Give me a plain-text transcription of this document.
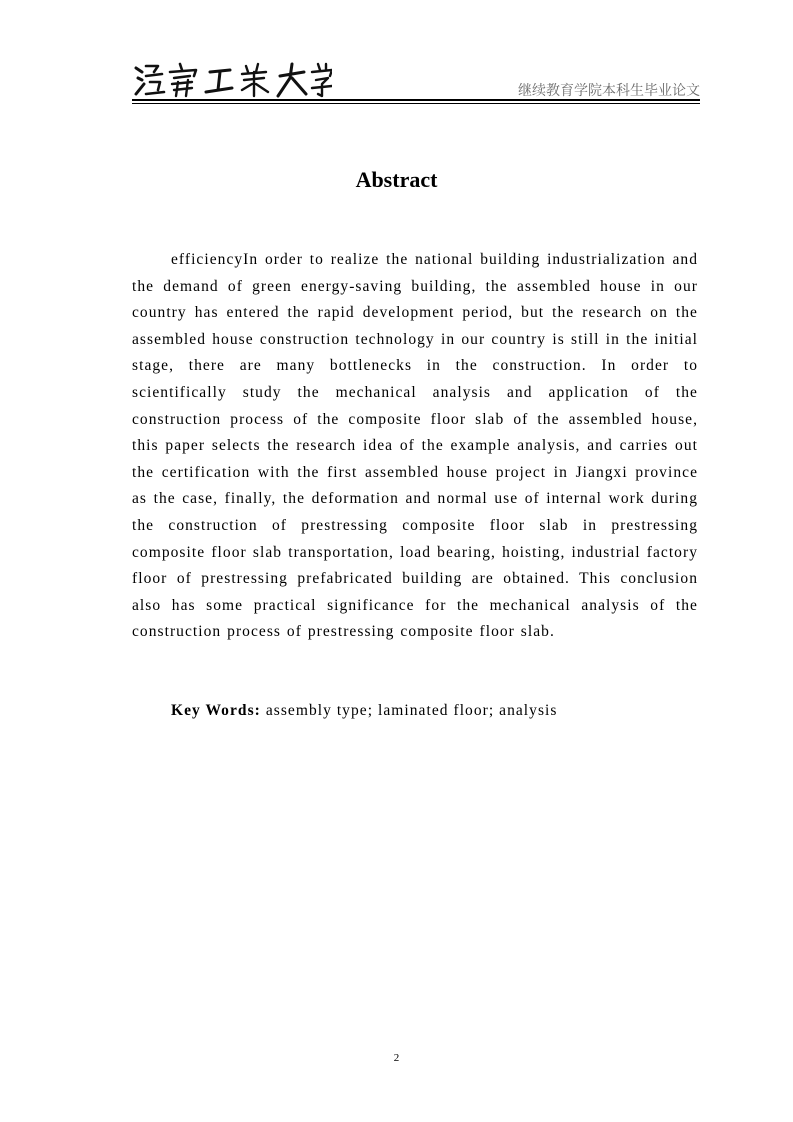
继续教育学院本科生毕业论文
Abstract

efficiencyIn order to realize the national building industrialization and the demand of green energy-saving building, the assembled house in our country has entered the rapid development period, but the research on the assembled house construction technology in our country is still in the initial stage, there are many bottlenecks in the construction. In order to scientifically study the mechanical analysis and application of the construction process of the composite floor slab of the assembled house, this paper selects the research idea of the example analysis, and carries out the certification with the first assembled house project in Jiangxi province as the case, finally, the deformation and normal use of internal work during the construction of prestressing composite floor slab in prestressing composite floor slab transportation, load bearing, hoisting, industrial factory floor of prestressing prefabricated building are obtained. This conclusion also has some practical significance for the mechanical analysis of the construction process of prestressing composite floor slab.

Key Words: assembly type; laminated floor; analysis

2
